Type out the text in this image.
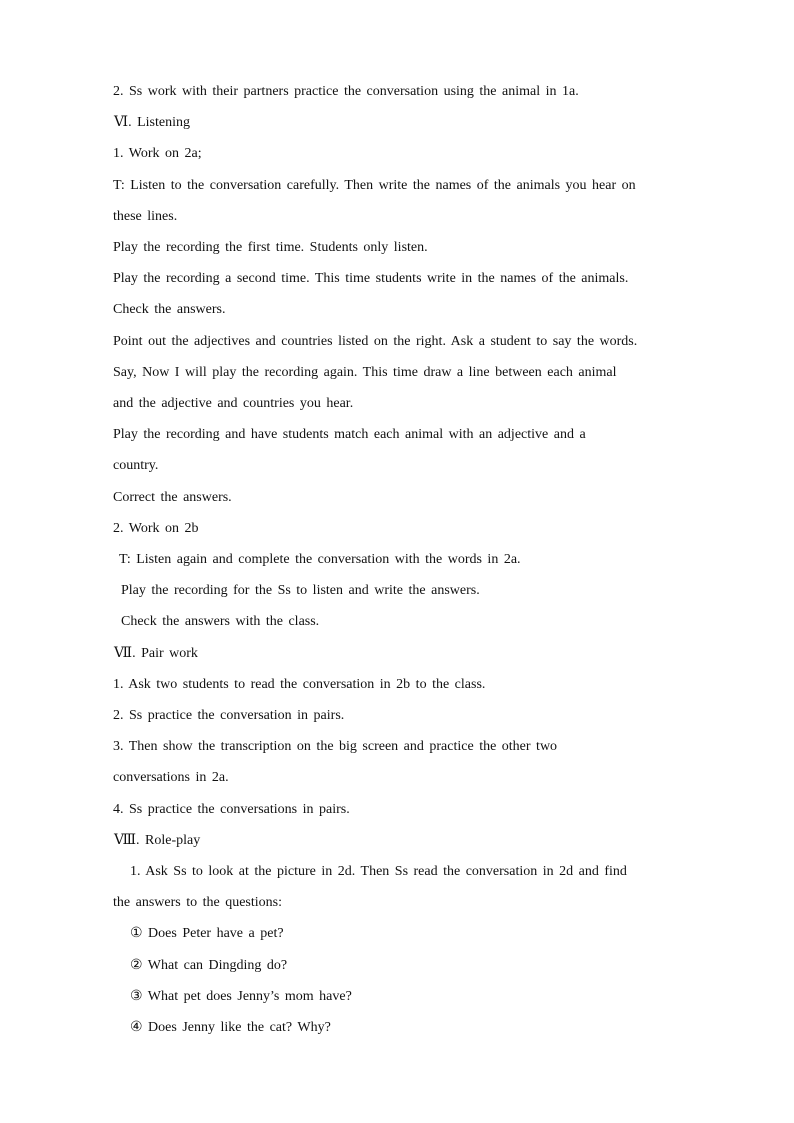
2. Ss work with their partners practice the conversation using the animal in 1a.
Ⅵ. Listening
1. Work on 2a;
T: Listen to the conversation carefully. Then write the names of the animals you hear on
these lines.
Play the recording the first time. Students only listen.
Play the recording a second time. This time students write in the names of the animals.
Check the answers.
Point out the adjectives and countries listed on the right. Ask a student to say the words.
Say, Now I will play the recording again. This time draw a line between each animal
and the adjective and countries you hear.
Play the recording and have students match each animal with an adjective and a
country.
Correct the answers.
2. Work on 2b
T: Listen again and complete the conversation with the words in 2a.
Play the recording for the Ss to listen and write the answers.
Check the answers with the class.
Ⅶ. Pair work
1. Ask two students to read the conversation in 2b to the class.
2. Ss practice the conversation in pairs.
3. Then show the transcription on the big screen and practice the other two
conversations in 2a.
4. Ss practice the conversations in pairs.
Ⅷ. Role-play
1. Ask Ss to look at the picture in 2d. Then Ss read the conversation in 2d and find
the answers to the questions:
① Does Peter have a pet?
② What can Dingding do?
③ What pet does Jenny’s mom have?
④ Does Jenny like the cat? Why?
